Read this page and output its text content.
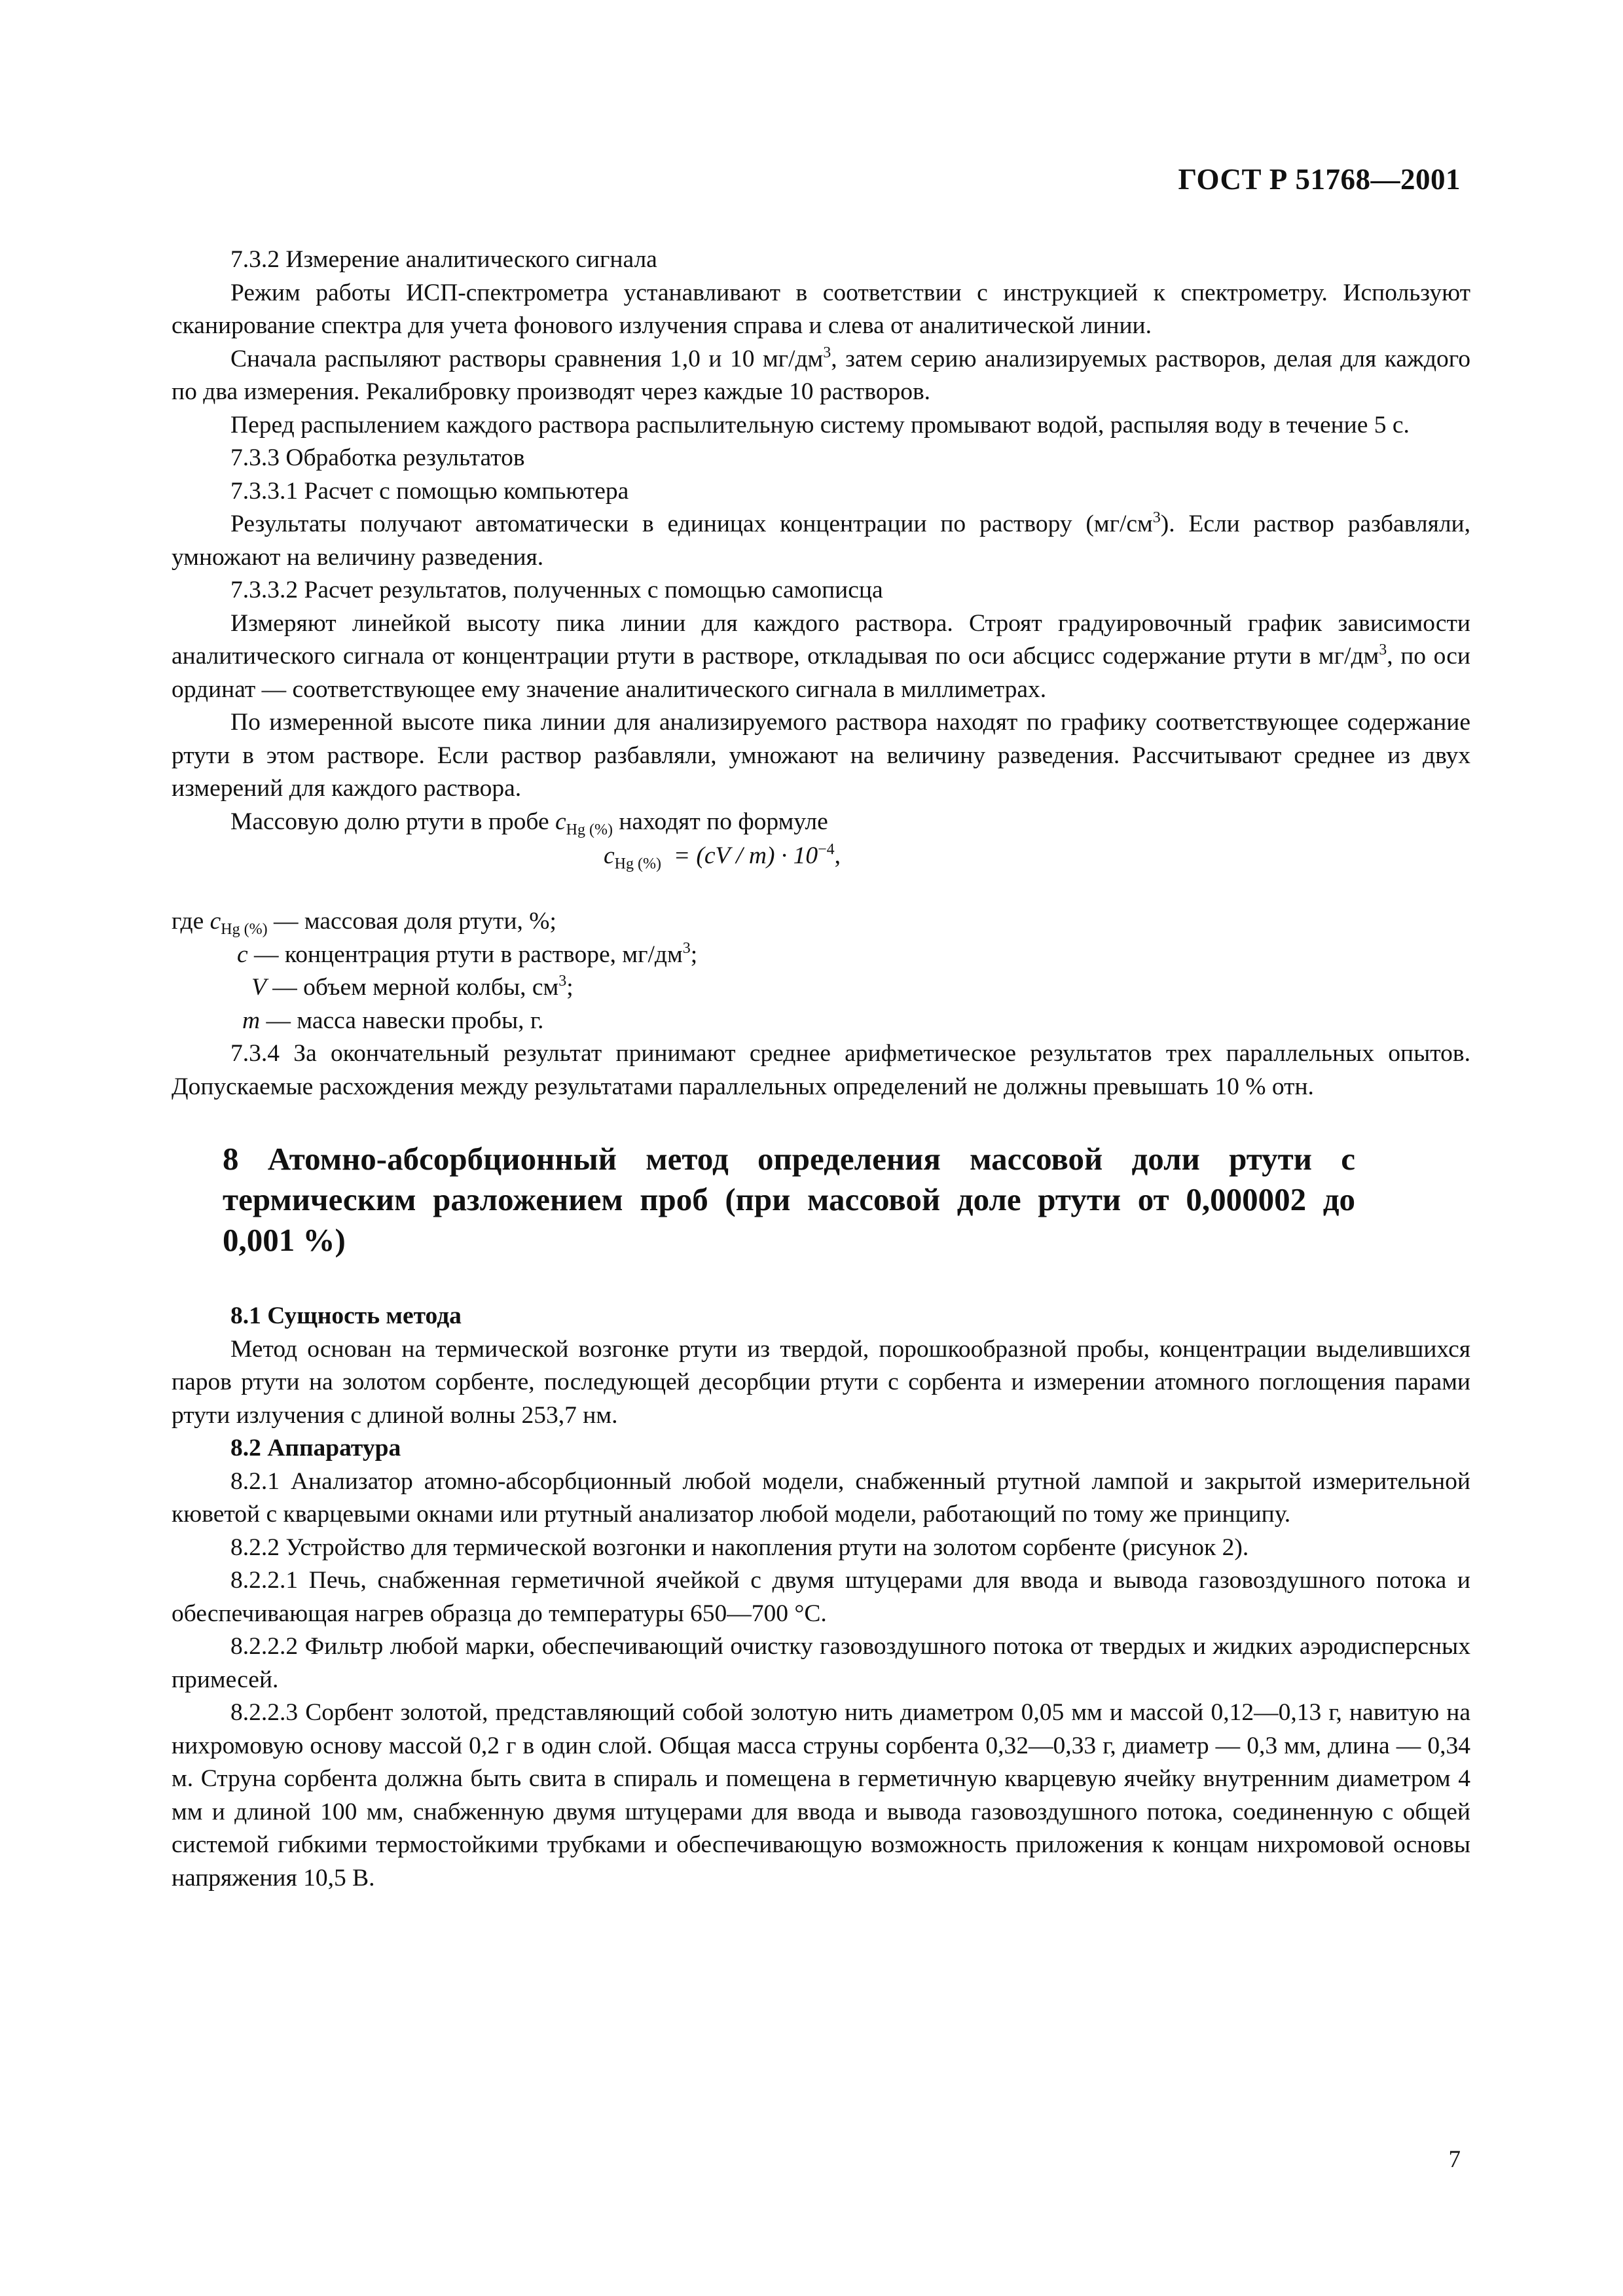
ГОСТ Р 51768—2001

7.3.2 Измерение аналитического сигнала

Режим работы ИСП-спектрометра устанавливают в соответствии с инструкцией к спектрометру. Используют сканирование спектра для учета фонового излучения справа и слева от аналитической линии.

Сначала распыляют растворы сравнения 1,0 и 10 $мг/дм^3$, затем серию анализируемых растворов, делая для каждого по два измерения. Рекалибровку производят через каждые 10 растворов.

Перед распылением каждого раствора распылительную систему промывают водой, распыляя воду в течение 5 с.

7.3.3 Обработка результатов

7.3.3.1 Расчет с помощью компьютера

Результаты получают автоматически в единицах концентрации по раствору $(мг/см^3)$. Если раствор разбавляли, умножают на величину разведения.

7.3.3.2 Расчет результатов, полученных с помощью самописца

Измеряют линейкой высоту пика линии для каждого раствора. Строят градуировочный график зависимости аналитического сигнала от концентрации ртути в растворе, откладывая по оси абсцисс содержание ртути в $мг/дм^3$, по оси ординат — соответствующее ему значение аналитического сигнала в миллиметрах.

По измеренной высоте пика линии для анализируемого раствора находят по графику соответствующее содержание ртути в этом растворе. Если раствор разбавляли, умножают на величину разведения. Рассчитывают среднее из двух измерений для каждого раствора.

Массовую долю ртути в пробе $c_{Hg (\%)}$ находят по формуле

$c_{Hg (\%)} = (cV / m) \cdot 10^{-4}$,

где $c_{Hg (\%)}$ — массовая доля ртути, %;

c — концентрация ртути в растворе, $мг/дм^3$;

V — объем мерной колбы, $см^3$;

m — масса навески пробы, г.

7.3.4 За окончательный результат принимают среднее арифметическое результатов трех параллельных опытов. Допускаемые расхождения между результатами параллельных определений не должны превышать 10 % отн.

8 Атомно-абсорбционный метод определения массовой доли ртути с термическим разложением проб (при массовой доле ртути от 0,000002 до 0,001 %)

8.1 Сущность метода

Метод основан на термической возгонке ртути из твердой, порошкообразной пробы, концентрации выделившихся паров ртути на золотом сорбенте, последующей десорбции ртути с сорбента и измерении атомного поглощения парами ртути излучения с длиной волны 253,7 нм.

8.2 Аппаратура

8.2.1 Анализатор атомно-абсорбционный любой модели, снабженный ртутной лампой и закрытой измерительной кюветой с кварцевыми окнами или ртутный анализатор любой модели, работающий по тому же принципу.

8.2.2 Устройство для термической возгонки и накопления ртути на золотом сорбенте (рисунок 2).

8.2.2.1 Печь, снабженная герметичной ячейкой с двумя штуцерами для ввода и вывода газовоздушного потока и обеспечивающая нагрев образца до температуры 650—700 °С.

8.2.2.2 Фильтр любой марки, обеспечивающий очистку газовоздушного потока от твердых и жидких аэродисперсных примесей.

8.2.2.3 Сорбент золотой, представляющий собой золотую нить диаметром 0,05 мм и массой 0,12—0,13 г, навитую на нихромовую основу массой 0,2 г в один слой. Общая масса струны сорбента 0,32—0,33 г, диаметр — 0,3 мм, длина — 0,34 м. Струна сорбента должна быть свита в спираль и помещена в герметичную кварцевую ячейку внутренним диаметром 4 мм и длиной 100 мм, снабженную двумя штуцерами для ввода и вывода газовоздушного потока, соединенную с общей системой гибкими термостойкими трубками и обеспечивающую возможность приложения к концам нихромовой основы напряжения 10,5 В.

7
